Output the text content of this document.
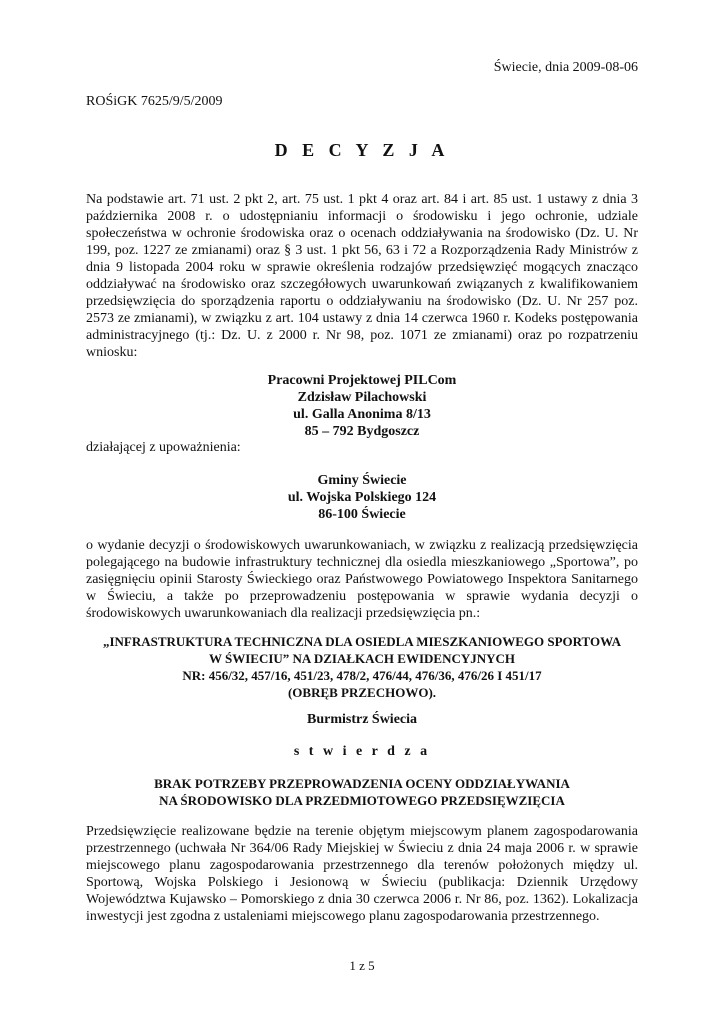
Świecie, dnia 2009-08-06
ROŚiGK 7625/9/5/2009
D E C Y Z J A

Na podstawie art. 71 ust. 2 pkt 2, art. 75 ust. 1 pkt 4 oraz art. 84 i art. 85 ust. 1 ustawy z dnia 3 października 2008 r. o udostępnianiu informacji o środowisku i jego ochronie, udziale społeczeństwa w ochronie środowiska oraz o ocenach oddziaływania na środowisko (Dz. U. Nr 199, poz. 1227 ze zmianami) oraz § 3 ust. 1 pkt 56, 63 i 72 a Rozporządzenia Rady Ministrów z dnia 9 listopada 2004 roku w sprawie określenia rodzajów przedsięwzięć mogących znacząco oddziaływać na środowisko oraz szczegółowych uwarunkowań związanych z kwalifikowaniem przedsięwzięcia do sporządzenia raportu o oddziaływaniu na środowisko (Dz. U. Nr 257 poz. 2573 ze zmianami), w związku z art. 104 ustawy z dnia 14 czerwca 1960 r. Kodeks postępowania administracyjnego (tj.: Dz. U. z 2000 r. Nr 98, poz. 1071 ze zmianami) oraz po rozpatrzeniu wniosku:

Pracowni Projektowej PILCom
Zdzisław Pilachowski
ul. Galla Anonima 8/13
85 – 792 Bydgoszcz
działającej z upoważnienia:
Gminy Świecie
ul. Wojska Polskiego 124
86-100 Świecie

o wydanie decyzji o środowiskowych uwarunkowaniach, w związku z realizacją przedsięwzięcia polegającego na budowie infrastruktury technicznej dla osiedla mieszkaniowego „Sportowa”, po zasięgnięciu opinii Starosty Świeckiego oraz Państwowego Powiatowego Inspektora Sanitarnego w Świeciu, a także po przeprowadzeniu postępowania w sprawie wydania decyzji o środowiskowych uwarunkowaniach dla realizacji przedsięwzięcia pn.:

„INFRASTRUKTURA TECHNICZNA DLA OSIEDLA MIESZKANIOWEGO SPORTOWA
W ŚWIECIU” NA DZIAŁKACH EWIDENCYJNYCH
NR: 456/32, 457/16, 451/23, 478/2, 476/44, 476/36, 476/26 I 451/17
(OBRĘB PRZECHOWO).
Burmistrz Świecia
s t w i e r d z a
BRAK POTRZEBY PRZEPROWADZENIA OCENY ODDZIAŁYWANIA
NA ŚRODOWISKO DLA PRZEDMIOTOWEGO PRZEDSIĘWZIĘCIA

Przedsięwzięcie realizowane będzie na terenie objętym miejscowym planem zagospodarowania przestrzennego (uchwała Nr 364/06 Rady Miejskiej w Świeciu z dnia 24 maja 2006 r. w sprawie miejscowego planu zagospodarowania przestrzennego dla terenów położonych między ul. Sportową, Wojska Polskiego i Jesionową w Świeciu (publikacja: Dziennik Urzędowy Województwa Kujawsko – Pomorskiego z dnia 30 czerwca 2006 r. Nr 86, poz. 1362). Lokalizacja inwestycji jest zgodna z ustaleniami miejscowego planu zagospodarowania przestrzennego.

1 z 5
